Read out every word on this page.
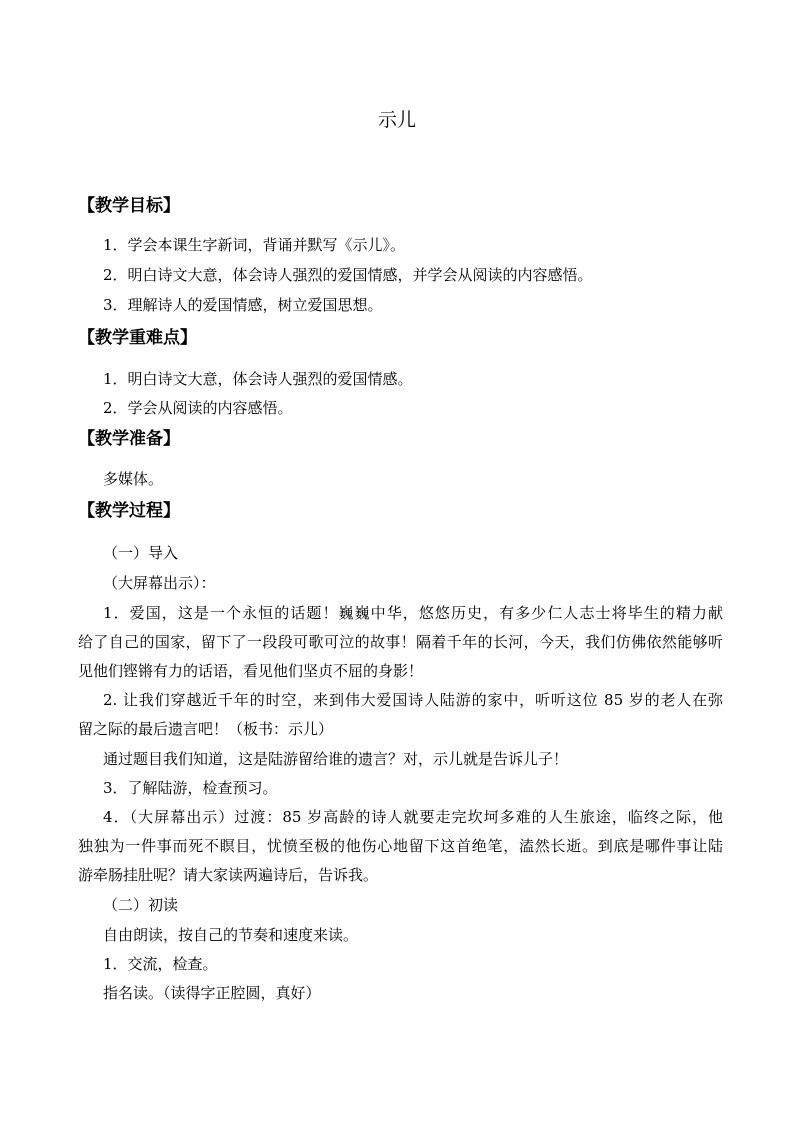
示儿
【教学目标】
1．学会本课生字新词，背诵并默写《示儿》。
2．明白诗文大意，体会诗人强烈的爱国情感，并学会从阅读的内容感悟。
3．理解诗人的爱国情感，树立爱国思想。
【教学重难点】
1．明白诗文大意，体会诗人强烈的爱国情感。
2．学会从阅读的内容感悟。
【教学准备】
多媒体。
【教学过程】
（一）导入
（大屏幕出示）：
1．爱国，这是一个永恒的话题！巍巍中华，悠悠历史，有多少仁人志士将毕生的精力献
给了自己的国家，留下了一段段可歌可泣的故事！隔着千年的长河，今天，我们仿佛依然能够听
见他们铿锵有力的话语，看见他们坚贞不屈的身影！
2. 让我们穿越近千年的时空，来到伟大爱国诗人陆游的家中，听听这位 85 岁的老人在弥
留之际的最后遗言吧！（板书：示儿）
通过题目我们知道，这是陆游留给谁的遗言？对，示儿就是告诉儿子！
3．了解陆游，检查预习。
4．（大屏幕出示）过渡：85 岁高龄的诗人就要走完坎坷多难的人生旅途，临终之际，他
独独为一件事而死不瞑目，忧愤至极的他伤心地留下这首绝笔，溘然长逝。到底是哪件事让陆
游牵肠挂肚呢？请大家读两遍诗后，告诉我。
（二）初读
自由朗读，按自己的节奏和速度来读。
1．交流，检查。
指名读。（读得字正腔圆，真好）
